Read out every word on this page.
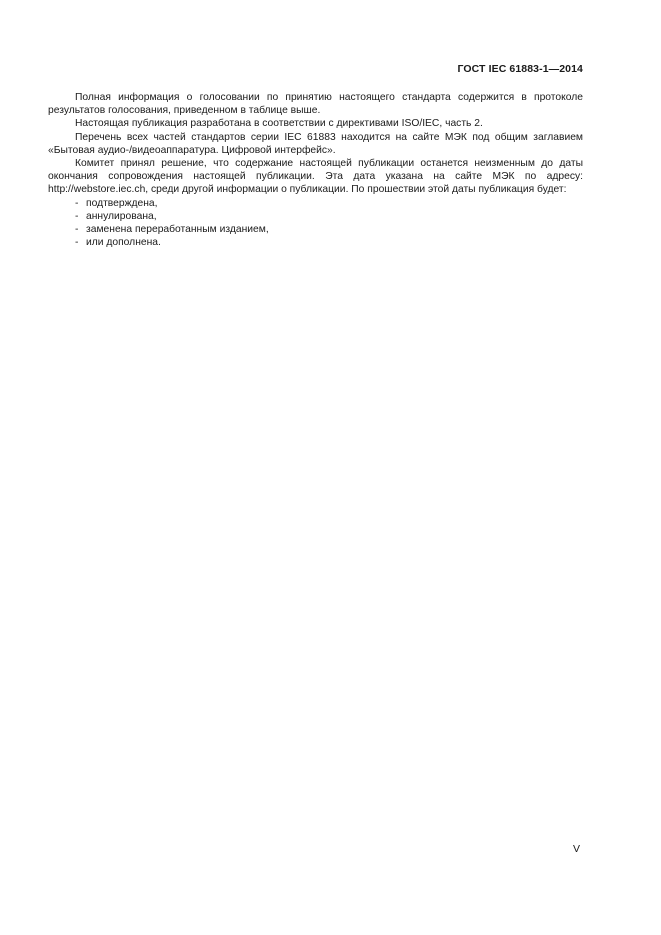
ГОСТ IEC 61883-1—2014

Полная информация о голосовании по принятию настоящего стандарта содержится в протоколе результатов голосования, приведенном в таблице выше.

Настоящая публикация разработана в соответствии с директивами ISO/IEC, часть 2.

Перечень всех частей стандартов серии IEC 61883 находится на сайте МЭК под общим заглавием «Бытовая аудио-/видеоаппаратура. Цифровой интерфейс».

Комитет принял решение, что содержание настоящей публикации останется неизменным до даты окончания сопровождения настоящей публикации. Эта дата указана на сайте МЭК по адресу: http://webstore.iec.ch, среди другой информации о публикации. По прошествии этой даты публикация будет:

- подтверждена,
- аннулирована,
- заменена переработанным изданием,
- или дополнена.
V
